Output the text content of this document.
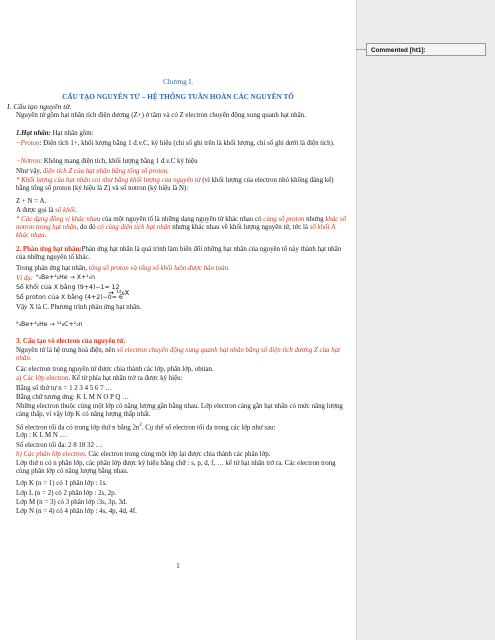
Chương I.
CẤU TẠO NGUYÊN TỬ – HỆ THỐNG TUẦN HOÀN CÁC NGUYÊN TỐ
I. Cấu tạo nguyên tử.
Nguyên tử gồm hạt nhân tích điện dương (Z+) ở tâm và có Z electron chuyển động xung quanh hạt nhân.
1.Hạt nhân: Hạt nhân gồm:
−Proton: Điện tích 1+, khối lượng bằng 1 đ.v.C, ký hiệu (chỉ số ghi trên là khối lượng, chỉ số ghi dưới là điện tích).
−Nơtron: Không mang điện tích, khối lượng bằng 1 đ.v.C ký hiệu
Như vậy, điện tích Z của hạt nhân bằng tổng số proton.
* Khối lượng của hạt nhân coi như bằng khối lượng của nguyên tử (vì khối lượng của electron nhỏ không đáng kể) bằng tổng số proton (ký hiệu là Z) và số notron (ký hiệu là N):
Z + N = A.
A được gọi là số khối.
* Các dạng đồng vị khác nhau của một nguyên tố là những dạng nguyên tử khác nhau có cùng số proton nhưng khác số notron trong hạt nhân, do đó có cùng điện tích hạt nhân nhưng khác nhau về khối lượng nguyên tử, tức là số khối A khác nhau.
2. Phản ứng hạt nhân:Phản ứng hạt nhân là quá trình làm biến đổi những hạt nhân của nguyên tố này thành hạt nhân của những nguyên tố khác.
Trong phản ứng hạt nhân, tổng số proton và tổng số khối luôn được bảo toàn.
Ví dụ: ⁹₄Be+⁴₂He → X+¹₀n
Số khối của X bằng (9+4)−1= 12
Số proton của X bằng (4+2)−0= 6
→ ¹²₆X
Vậy X là C. Phương trình phản ứng hạt nhân.
⁹₄Be+⁴₂He → ¹²₆C+¹₀n
3. Cấu tạo vỏ electron của nguyên tử.
Nguyên tử là hệ trung hoà điện, nên số electron chuyển động xung quanh hạt nhân bằng số điện tích dương Z của hạt nhân.
Các electron trong nguyên tử được chia thành các lớp, phân lớp, obitan.
a) Các lớp electron. Kể từ phía hạt nhân trở ra được ký hiệu:
Bằng số thứ tự n = 1 2 3 4 5 6 7 …
Bằng chữ tương ứng: K L M N O P Q …
Những electron thuộc cùng một lớp có năng lượng gần bằng nhau. Lớp electron càng gần hạt nhân có mức năng lượng càng thấp, vì vậy lớp K có năng lượng thấp nhất.
Số electron tối đa có trong lớp thứ n bằng $2n^2$. Cụ thể số electron tối đa trong các lớp như sau:
Lớp : K L M N …
Số electron tối đa: 2 8 18 32 …
b) Các phân lớp electron. Các electron trong cùng một lớp lại được chia thành các phân lớp.
Lớp thứ n có n phân lớp, các phân lớp được ký hiệu bằng chữ : s, p, d, f, … kể từ hạt nhân trở ra. Các electron trong cùng phân lớp có năng lượng bằng nhau.
Lớp K (n = 1) có 1 phân lớp : 1s.
Lớp L (n = 2) có 2 phân lớp : 2s, 2p.
Lớp M (n = 3) có 3 phân lớp :3s, 3p, 3d.
Lớp N (n = 4) có 4 phân lớp : 4s, 4p, 4d, 4f.
1
Commented [ht1]:
